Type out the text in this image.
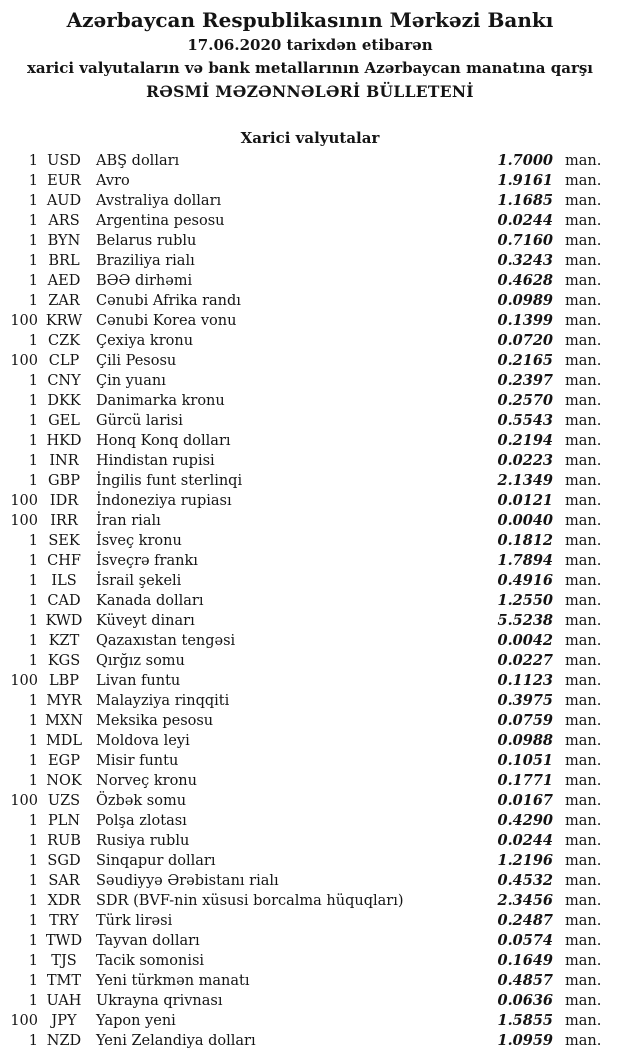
Azərbaycan Respublikasının Mərkəzi Bankı
17.06.2020 tarixdən etibarən
xarici valyutaların və bank metallarının Azərbaycan manatına qarşı
RƏSMİ MƏZƏNNƏLƏRİ BÜLLETENİ
Xarici valyutalar
1 USD	ABŞ dolları	1.7000 man.
1 EUR	Avro	1.9161 man.
1 AUD	Avstraliya dolları	1.1685 man.
1 ARS	Argentina pesosu	0.0244 man.
1 BYN	Belarus rublu	0.7160 man.
1 BRL	Braziliya rialı	0.3243 man.
1 AED	BƏƏ dirhəmi	0.4628 man.
1 ZAR	Cənubi Afrika randı	0.0989 man.
100 KRW Cənubi Korea vonu	0.1399 man.
1 CZK	Çexiya kronu	0.0720 man.
100 CLP	Çili Pesosu	0.2165 man.
1 CNY	Çin yuanı	0.2397 man.
1 DKK	Danimarka kronu	0.2570 man.
1 GEL	Gürcü larisi	0.5543 man.
1 HKD Honq Konq dolları	0.2194 man.
1 INR	Hindistan rupisi	0.0223 man.
1 GBP	İngilis funt sterlinqi	2.1349 man.
100 IDR	İndoneziya rupiası	0.0121 man.
100 IRR	İran rialı	0.0040 man.
1 SEK	İsveç kronu	0.1812 man.
1 CHF	İsveçrə frankı	1.7894 man.
1 ILS	İsrail şekeli	0.4916 man.
1 CAD	Kanada dolları	1.2550 man.
1 KWD Küveyt dinarı	5.5238 man.
1 KZT	Qazaxıstan tengəsi	0.0042 man.
1 KGS	Qırğız somu	0.0227 man.
100 LBP	Livan funtu	0.1123 man.
1 MYR Malayziya rinqqiti	0.3975 man.
1 MXN Meksika pesosu	0.0759 man.
1 MDL Moldova leyi	0.0988 man.
1 EGP	Misir funtu	0.1051 man.
1 NOK Norveç kronu	0.1771 man.
100 UZS	Özbək somu	0.0167 man.
1 PLN	Polşa zlotası	0.4290 man.
1 RUB	Rusiya rublu	0.0244 man.
1 SGD	Sinqapur dolları	1.2196 man.
1 SAR	Səudiyyə Ərəbistanı rialı	0.4532 man.
1 XDR	SDR (BVF-nin xüsusi borcalma hüquqları)	2.3456 man.
1 TRY	Türk lirəsi	0.2487 man.
1 TWD Tayvan dolları	0.0574 man.
1 TJS	Tacik somonisi	0.1649 man.
1 TMT	Yeni türkmən manatı	0.4857 man.
1 UAH	Ukrayna qrivnası	0.0636 man.
100 JPY	Yapon yeni	1.5855 man.
1 NZD	Yeni Zelandiya dolları	1.0959 man.
